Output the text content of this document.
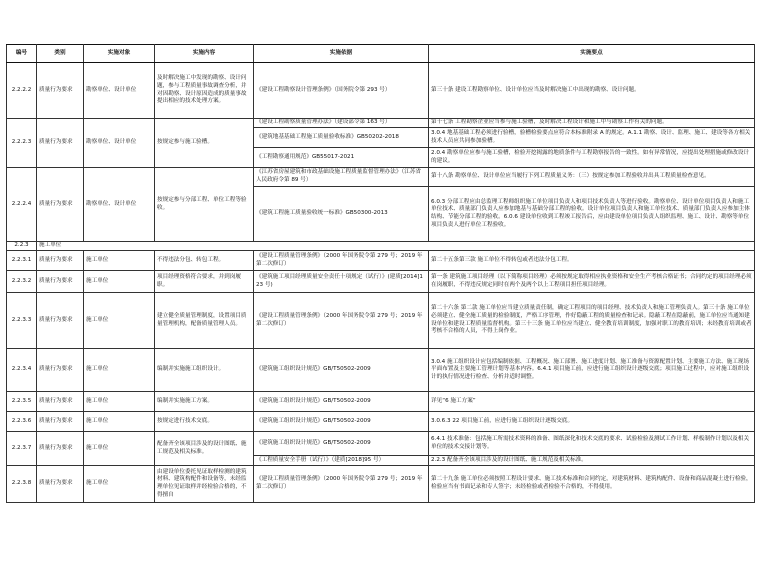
编号	类别	实施对象	实施内容	实施依据	实施要点
2.2.2.2	质量行为要求	勘察单位、设计单位	及时解决施工中发现的勘察、设计问题，参与工程质量事故调查分析，并对因勘察、设计原因造成的质量事故提出相应的技术处理方案。	《建设工程勘察设计管理条例》（国务院令第 293 号）	第三十条 建设工程勘察单位、设计单位应当及时解决施工中出现的勘察、设计问题。
2.2.2.3	质量行为要求	勘察单位、设计单位	按规定参与施工验槽。	《建设工程勘察质量管理办法》（建设部令第 163 号）	第十七条 工程勘察企业应当参与施工验槽，及时解决工程设计和施工中与勘察工作有关的问题。
				《建筑地基基础工程施工质量验收标准》GB50202-2018	3.0.4 地基基础工程必须进行验槽，验槽检验要点应符合本标准附录 A 的规定。A.1.1 勘察、设计、监理、施工、建设等各方相关技术人员应共同参加验槽。
				《工程勘察通用规范》GB55017-2021	2.0.4 勘察单位应参与施工验槽，检验开挖揭露的地质条件与工程勘察报告的一致性。如有异常情况，应提出处理措施或修改设计的建议。
2.2.2.4	质量行为要求	勘察单位、设计单位	按规定参与分部工程、单位工程等验收。	《江苏省房屋建筑和市政基础设施工程质量监督管理办法》（江苏省人民政府令第 89 号）	第十八条 勘察单位、设计单位应当履行下列工程质量义务：（三）按规定参加工程验收并出具工程质量检查意见。
				《建筑工程施工质量验收统一标准》GB50300-2013	6.0.3 分部工程应由总监理工程师组织施工单位项目负责人和项目技术负责人等进行验收。勘察单位、设计单位项目负责人和施工单位技术、质量部门负责人应参加地基与基础分部工程的验收。设计单位项目负责人和施工单位技术、质量部门负责人应参加主体结构、节能分部工程的验收。6.0.6 建设单位收到工程竣工报告后，应由建设单位项目负责人组织监理、施工、设计、勘察等单位项目负责人进行单位工程验收。
2.2.3	施工单位				
2.2.3.1	质量行为要求	施工单位	不得违法分包、转包工程。	《建设工程质量管理条例》（2000 年国务院令第 279 号；2019 年第二次修订）	第二十五条第三款 施工单位不得转包或者违法分包工程。
2.2.3.2	质量行为要求	施工单位	项目经理资格符合要求，并到岗履职。	《建筑施工项目经理质量安全责任十项规定（试行）》(建质[2014]123 号)	第一条 建筑施工项目经理（以下简称项目经理）必须按规定取得相应执业资格和安全生产考核合格证书；合同约定的项目经理必须在岗履职，不得违反规定同时在两个及两个以上工程项目担任项目经理。
2.2.3.3	质量行为要求	施工单位	建立健全质量管理制度，设置项目质量管理机构，配备质量管理人员。	《建设工程质量管理条例》（2000 年国务院令第 279 号；2019 年第二次修订）	第二十六条 第二款 施工单位应当建立质量责任制，确定工程项目的项目经理、技术负责人和施工管理负责人。第三十条 施工单位必须建立、健全施工质量的检验制度，严格工序管理，作好隐蔽工程的质量检查和记录。隐蔽工程在隐蔽前，施工单位应当通知建设单位和建设工程质量监督机构。第三十三条 施工单位应当建立、健全教育培训制度，加强对职工的教育培训；未经教育培训或者考核不合格的人员，不得上岗作业。
2.2.3.4	质量行为要求	施工单位	编制并实施施工组织设计。	《建筑施工组织设计规范》GB/T50502-2009	3.0.4 施工组织设计应包括编制依据、工程概况、施工部署、施工进度计划、施工准备与资源配置计划、主要施工方法、施工现场平面布置及主要施工管理计划等基本内容。6.4.1 项目施工前，应进行施工组织设计逐级交底；项目施工过程中，应对施工组织设计的执行情况进行检查、分析并适时调整。
2.2.3.5	质量行为要求	施工单位	编制并实施施工方案。	《建筑施工组织设计规范》GB/T50502-2009	详见“6 施工方案”
2.2.3.6	质量行为要求	施工单位	按规定进行技术交底。	《建筑施工组织设计规范》GB/T50502-2009	3.0.6.3 22 项目施工前，应进行施工组织设计逐级交底。
2.2.3.7	质量行为要求	施工单位	配备齐全该项目涉及的设计图纸、施工规范及相关标准。	《建筑施工组织设计规范》GB/T50502-2009	6.4.1 技术准备：包括施工所需技术资料的准备、图纸深化和技术交底的要求、试验检验及测试工作计划、样板制作计划以及相关单位的技术交接计划等。
				《工程质量安全手册（试行）》（建质[2018]95 号）	2.2.3 配备齐全该项目涉及的设计图纸、施工规范及相关标准。
2.2.3.8	质量行为要求	施工单位	由建设单位委托见证取样检测的建筑材料、建筑构配件和设备等，未经监理单位见证取样并经检验合格的，不得擅自	《建设工程质量管理条例》（2000 年国务院令第 279 号；2019 年第二次修订）	第二十九条 施工单位必须按照工程设计要求、施工技术标准和合同约定，对建筑材料、建筑构配件、设备和商品混凝土进行检验，检验应当有书面记录和专人签字；未经检验或者检验不合格的，不得使用。
